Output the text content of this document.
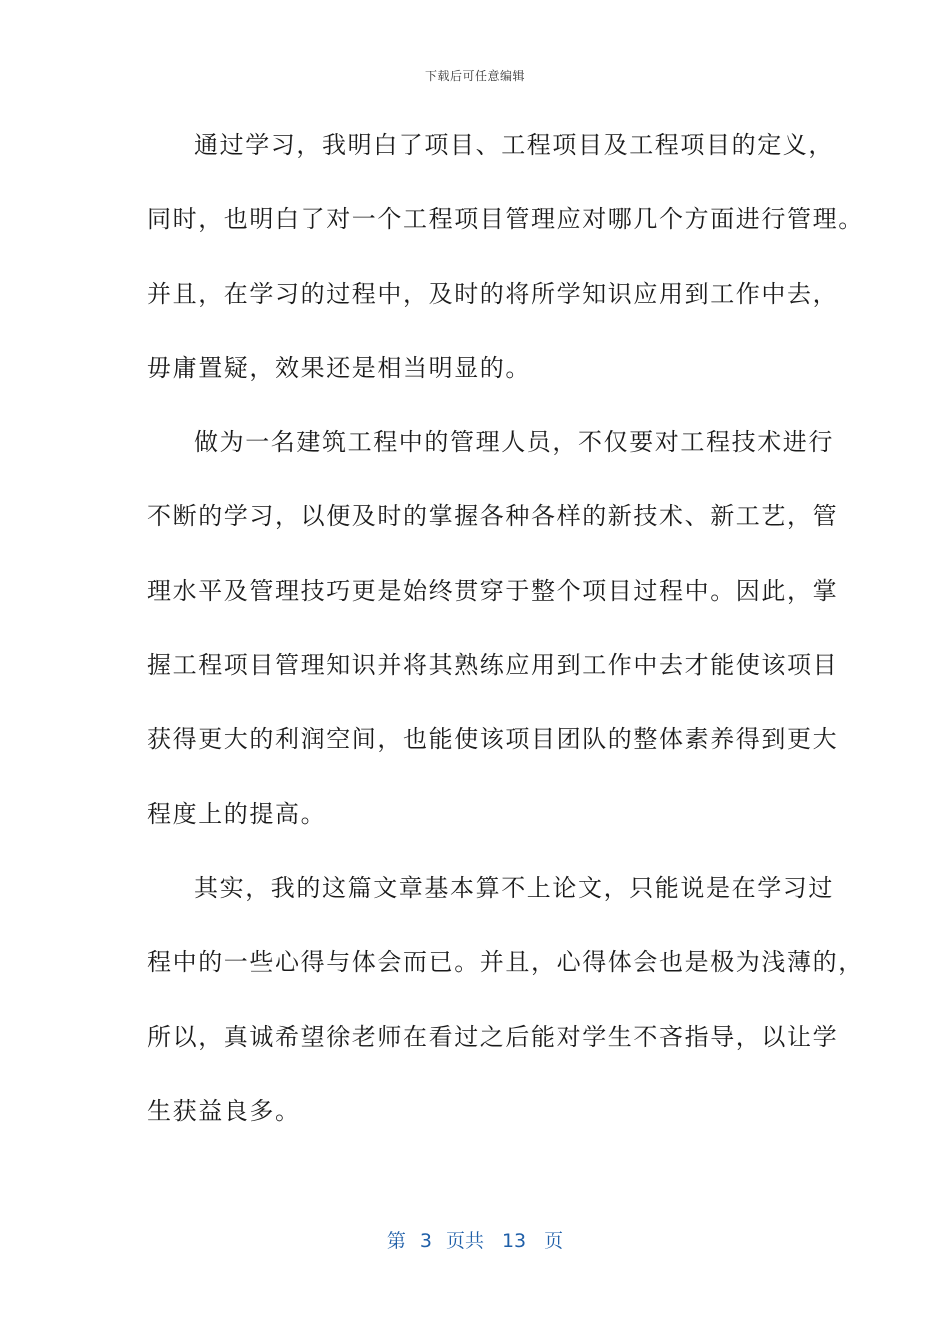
下载后可任意编辑
通过学习，我明白了项目、工程项目及工程项目的定义，
同时，也明白了对一个工程项目管理应对哪几个方面进行管理。
并且，在学习的过程中，及时的将所学知识应用到工作中去，
毋庸置疑，效果还是相当明显的。
做为一名建筑工程中的管理人员，不仅要对工程技术进行
不断的学习，以便及时的掌握各种各样的新技术、新工艺，管
理水平及管理技巧更是始终贯穿于整个项目过程中。因此，掌
握工程项目管理知识并将其熟练应用到工作中去才能使该项目
获得更大的利润空间，也能使该项目团队的整体素养得到更大
程度上的提高。
其实，我的这篇文章基本算不上论文，只能说是在学习过
程中的一些心得与体会而已。并且，心得体会也是极为浅薄的，
所以，真诚希望徐老师在看过之后能对学生不吝指导，以让学
生获益良多。
第 3 页共 13 页
